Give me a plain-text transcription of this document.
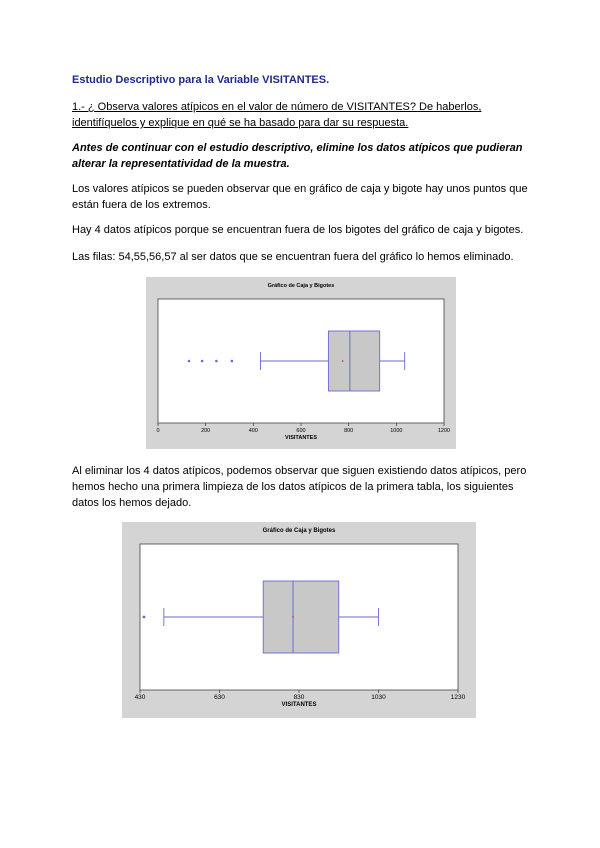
Estudio Descriptivo para la Variable VISITANTES.

1.- ¿ Observa valores atípicos en el valor de número de VISITANTES? De haberlos, identifíquelos y explique en qué se ha basado para dar su respuesta.

Antes de continuar con el estudio descriptivo, elimine los datos atípicos que pudieran alterar la representatividad de la muestra.

Los valores atípicos se pueden observar que en gráfico de caja y bigote hay unos puntos que están fuera de los extremos.

Hay 4 datos atípicos porque se encuentran fuera de los bigotes del gráfico de caja y bigotes.

Las filas: 54,55,56,57 al ser datos que se encuentran fuera del gráfico lo hemos eliminado.

Gráfico de Caja y Bigotes
0	200	400	600	800	1000	1200
VISITANTES

Al eliminar los 4 datos atípicos, podemos observar que siguen existiendo datos atípicos, pero hemos hecho una primera limpieza de los datos atípicos de la primera tabla, los siguientes datos los hemos dejado.

Gráfico de Caja y Bigotes
430	630	830	1030	1230
VISITANTES
